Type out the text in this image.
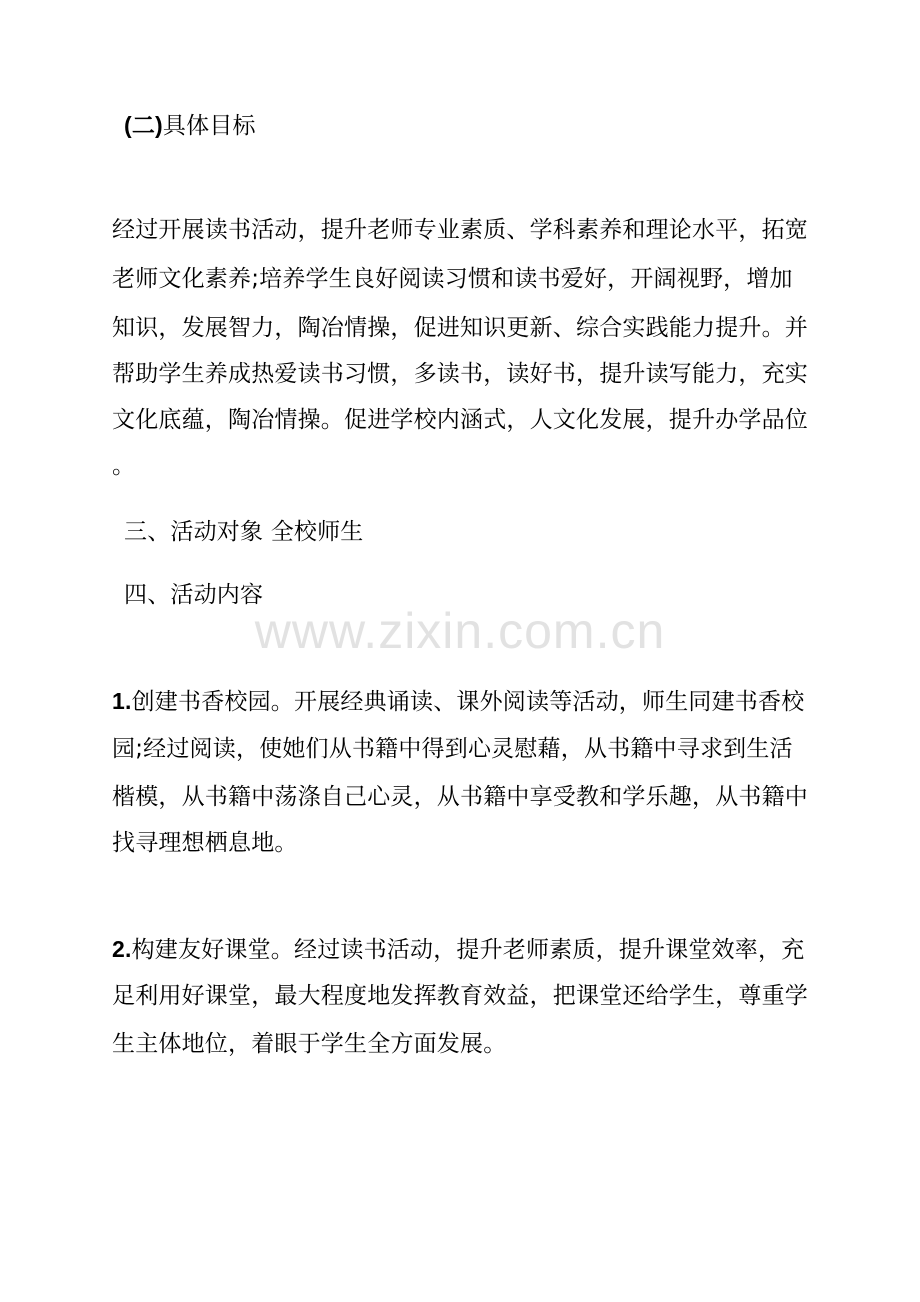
(二)具体目标
经过开展读书活动，提升老师专业素质、学科素养和理论水平，拓宽
老师文化素养;培养学生良好阅读习惯和读书爱好，开阔视野，增加
知识，发展智力，陶冶情操，促进知识更新、综合实践能力提升。并
帮助学生养成热爱读书习惯，多读书，读好书，提升读写能力，充实
文化底蕴，陶冶情操。促进学校内涵式，人文化发展，提升办学品位
。
三、活动对象 全校师生
四、活动内容
www.zixin.com.cn
1.创建书香校园。开展经典诵读、课外阅读等活动，师生同建书香校
园;经过阅读，使她们从书籍中得到心灵慰藉，从书籍中寻求到生活
楷模，从书籍中荡涤自己心灵，从书籍中享受教和学乐趣，从书籍中
找寻理想栖息地。
2.构建友好课堂。经过读书活动，提升老师素质，提升课堂效率，充
足利用好课堂，最大程度地发挥教育效益，把课堂还给学生，尊重学
生主体地位，着眼于学生全方面发展。
